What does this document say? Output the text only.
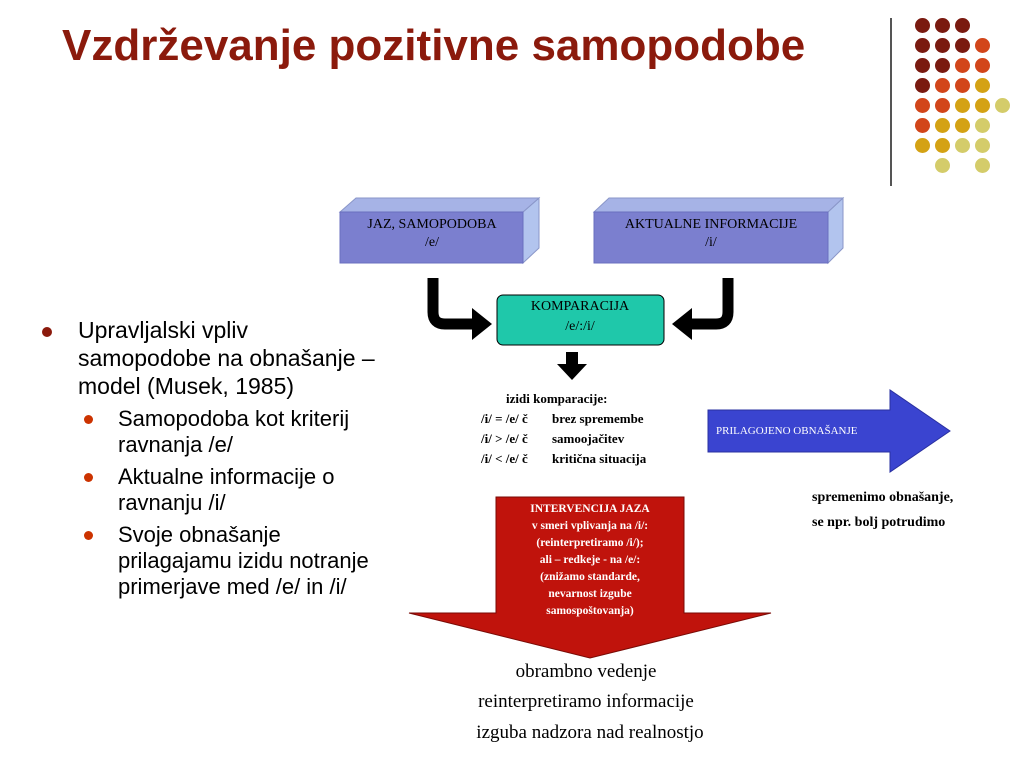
Vzdrževanje pozitivne samopodobe
Upravljalski vpliv samopodobe na obnašanje – model (Musek, 1985)
Samopodoba kot kriterij ravnanja /e/
Aktualne informacije o ravnanju /i/
Svoje obnašanje prilagajamu izidu notranje primerjave med /e/ in /i/
JAZ, SAMOPODOBA
/e/
AKTUALNE INFORMACIJE
/i/
KOMPARACIJA
/e/:/i/
izidi komparacije:
/i/ = /e/ č brez spremembe
/i/ > /e/ č samoojačitev
/i/ < /e/ č kritična situacija
PRILAGOJENO OBNAŠANJE
spremenimo obnašanje,
se npr. bolj potrudimo
INTERVENCIJA JAZA
v smeri vplivanja na /i/:
(reinterpretiramo /i/);
ali – redkeje - na /e/:
(znižamo standarde,
nevarnost izgube
samospoštovanja)
obrambno vedenje
reinterpretiramo informacije
izguba nadzora nad realnostjo
